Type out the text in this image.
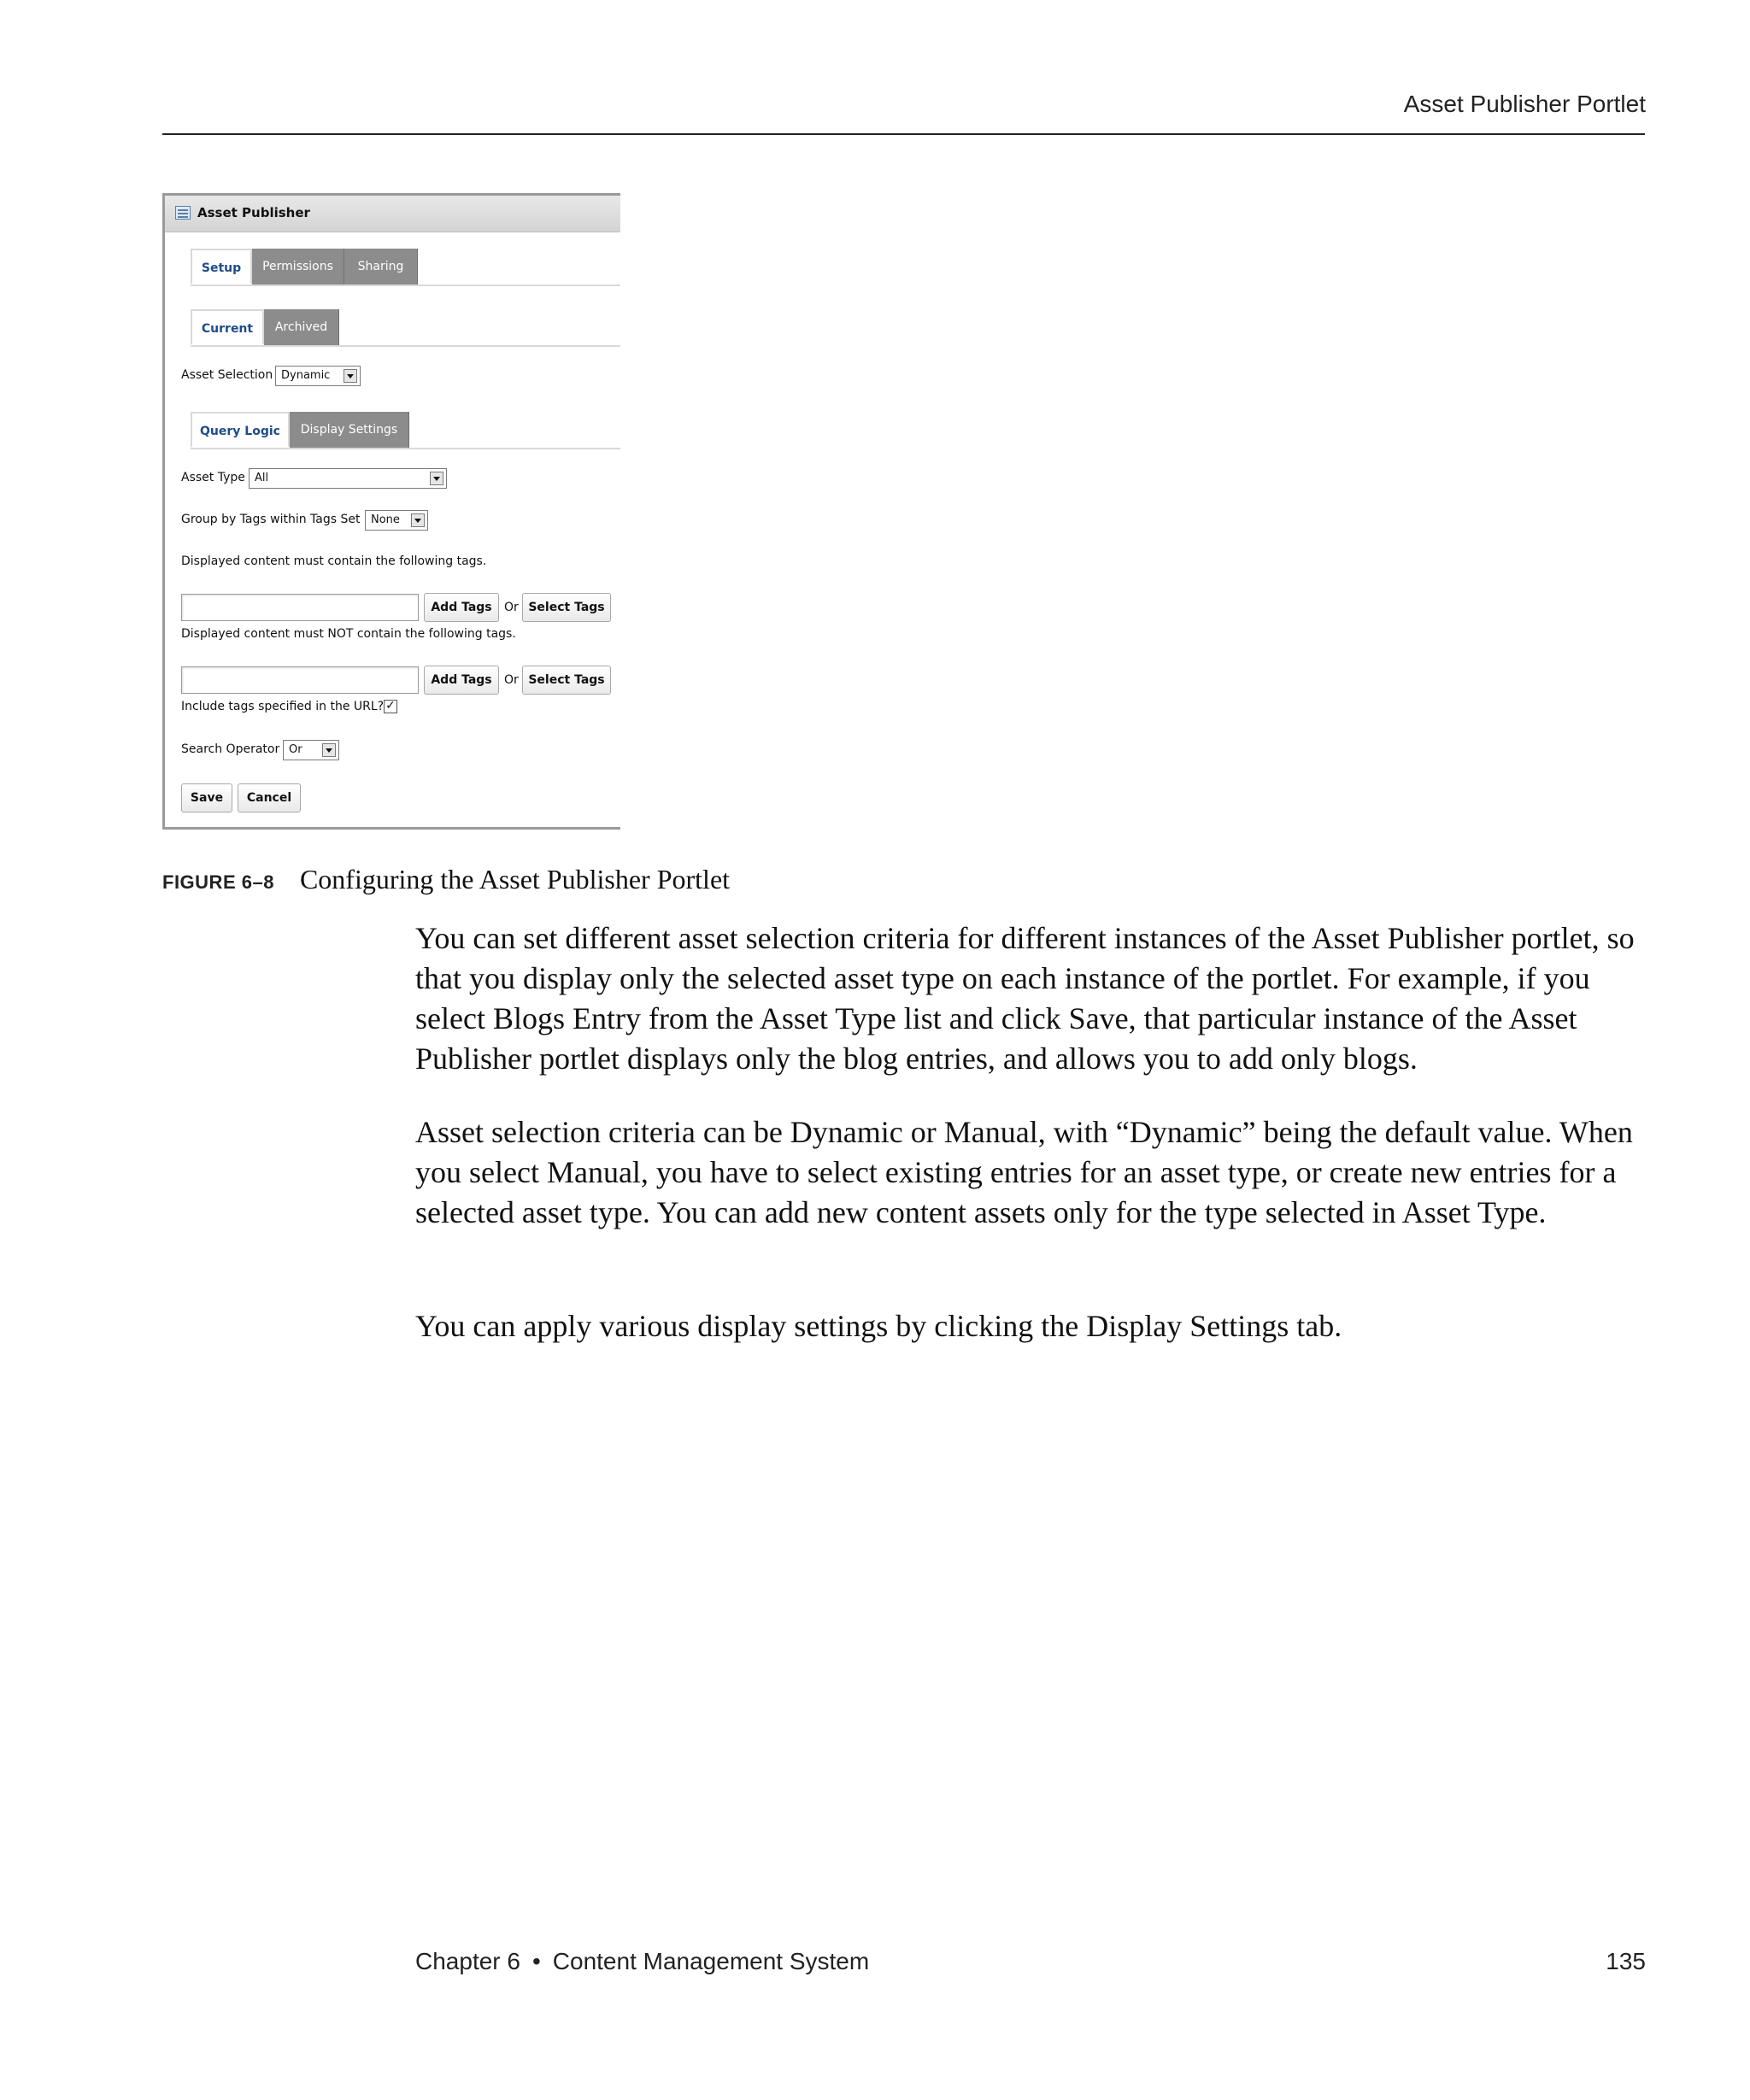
Asset Publisher Portlet
Asset Publisher
Setup	Permissions	Sharing
Current	Archived
Asset Selection Dynamic
Query Logic	Display Settings
Asset Type All
Group by Tags within Tags Set None
Displayed content must contain the following tags.
Add Tags	Or Select Tags
Displayed content must NOT contain the following tags.
Add Tags	Or Select Tags
Include tags specified in the URL? ✓
Search Operator Or
Save	Cancel
FIGURE 6–8 Configuring the Asset Publisher Portlet

You can set different asset selection criteria for different instances of the Asset Publisher portlet, so that you display only the selected asset type on each instance of the portlet. For example, if you select Blogs Entry from the Asset Type list and click Save, that particular instance of the Asset Publisher portlet displays only the blog entries, and allows you to add only blogs.

Asset selection criteria can be Dynamic or Manual, with “Dynamic” being the default value. When you select Manual, you have to select existing entries for an asset type, or create new entries for a selected asset type. You can add new content assets only for the type selected in Asset Type.

You can apply various display settings by clicking the Display Settings tab.

Chapter 6 • Content Management System	135
